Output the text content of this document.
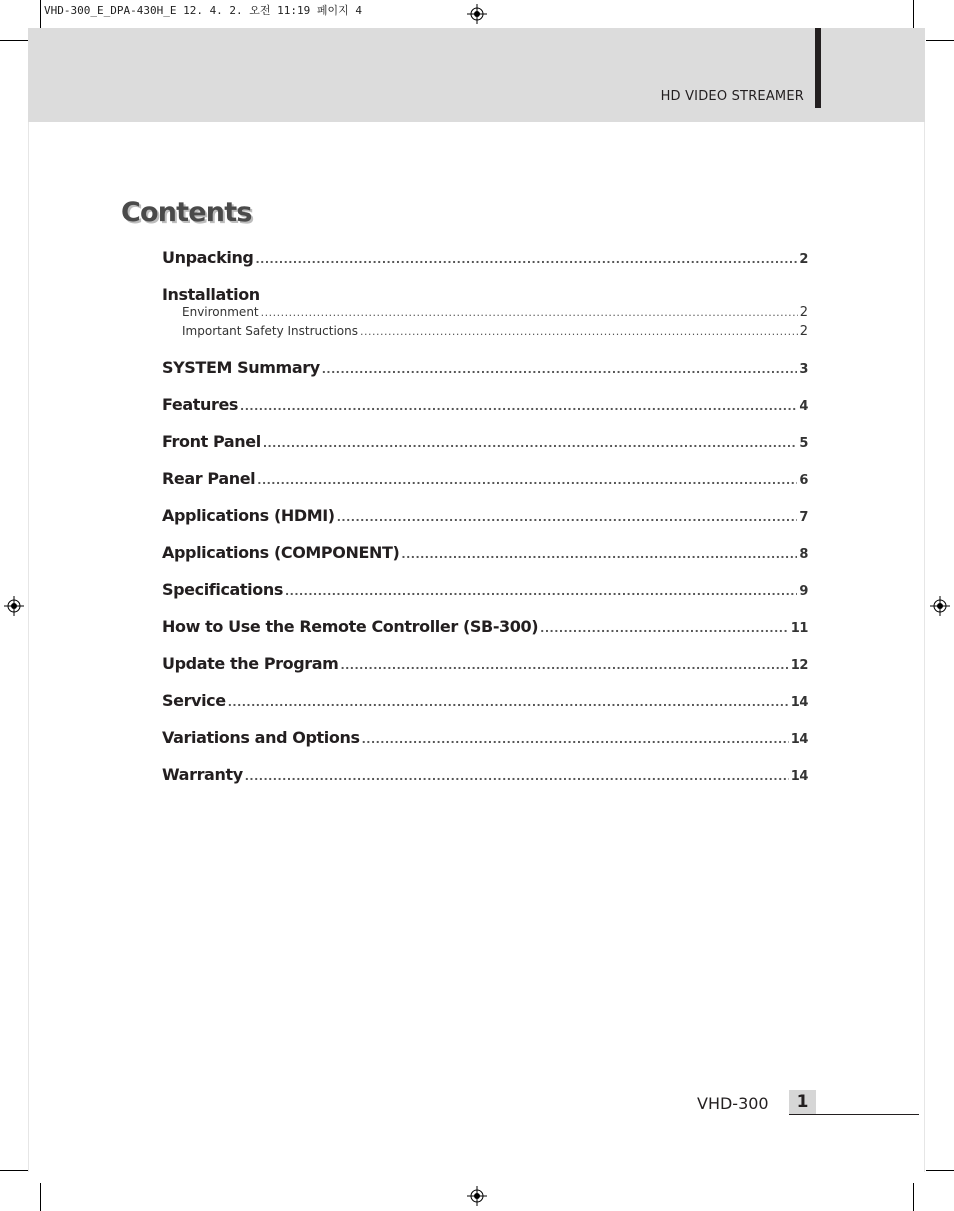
VHD-300_E_DPA-430H_E 12. 4. 2. 오전 11:19 페이지 4
HD VIDEO STREAMER
Contents
Unpacking .....	2
Installation
Environment .....	2
Important Safety Instructions .....	2
SYSTEM Summary .....	3
Features .....	4
Front Panel .....	5
Rear Panel .....	6
Applications (HDMI) .....	7
Applications (COMPONENT) .....	8
Specifications .....	9
How to Use the Remote Controller (SB-300) .....	11
Update the Program .....	12
Service .....	14
Variations and Options .....	14
Warranty .....	14
VHD-300	1
